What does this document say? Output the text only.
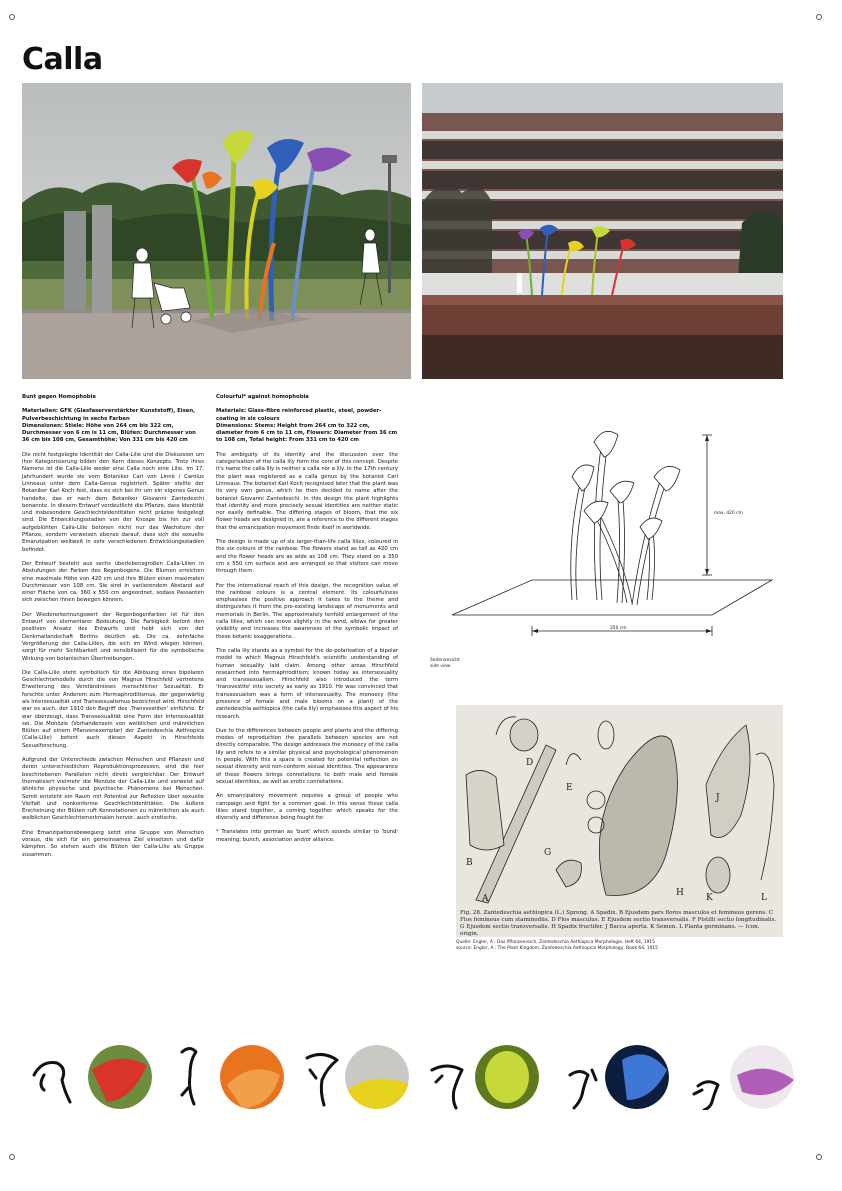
Calla
Bunt gegen Homophobie
Materialien: GFK (Glasfaserverstärkter Kunststoff), Eisen, Pulverbeschichtung in sechs Farben
Dimensionen: Stiele: Höhe von 264 cm bis 322 cm, Durchmesser von 6 cm is 11 cm, Blüten: Durchmesser von 36 cm bis 108 cm, Gesamthöhe: Von 331 cm bis 420 cm

Die nicht festgelegte Identität der Calla-Lilie und die Diskussion um ihre Kategorisierung bilden den Kern dieses Konzepts. Trotz ihres Namens ist die Calla-Lilie weder eine Calla noch eine Lilie. Im 17. Jahrhundert wurde sie vom Botaniker Carl von Linné / Carolus Linneaus unter dem Calla-Genus registriert. Später stellte der Botaniker Karl Koch fest, dass es sich bei ihr um ein eigenes Genus handelte, das er nach dem Botaniker Giovanni Zantedeschi benannte. In diesem Entwurf verdeutlicht die Pflanze, dass Identität und insbesondere Geschlechtsidentitäten nicht präzise festgelegt sind. Die Entwicklungsstadien von der Knospe bis hin zur voll aufgeblühten Calla-Lilie betonen nicht nur das Wachstum der Pflanze, sondern verweisen ebenso darauf, dass sich die sexuelle Emanzipation weltweit in sehr verschiedenen Entwicklungsstadien befindet.

Der Entwurf besteht aus sechs überlebensgroßen Calla-Lilien in Abstufungen der Farben des Regenbogens. Die Blumen erreichen eine maximale Höhe von 420 cm und ihre Blüten einen maximalen Durchmesser von 108 cm. Sie sind in variierendem Abstand auf einer Fläche von ca. 360 x 550 cm angeordnet, sodass Passanten sich zwischen ihnen bewegen können.

Der Wiedererkennungswert der Regenbogenfarben ist für den Entwurf von elementarer Bedeutung. Die Farbigkeit betont den positiven Ansatz des Entwurfs und hebt sich von der Denkmallandschaft Berlins deutlich ab. Die ca. zehnfache Vergrößerung der Calla-Lilien, die sich im Wind wiegen können, sorgt für mehr Sichtbarkeit und sensibilisiert für die symbolische Wirkung von botanischen Übertreibungen.

Die Calla-Lilie steht symbolisch für die Ablösung eines bipolaren Geschlechtsmodells durch die von Magnus Hirschfeld vertretene Erweiterung des Verständnisses menschlicher Sexualität. Er forschte unter Anderem zum Hermaphroditismus, der gegenwärtig als Intersexualität und Transsexualismus bezeichnet wird. Hirschfeld war es auch, der 1910 den Begriff des ‚Transvestiten' einführte. Er war überzeugt, dass Transsexualität eine Form der Intersexualität sei. Die Monözie (Vorhandensein von weiblichen und männlichen Blüten auf einem Pflanzenexemplar) der Zantedeschia Aethiopica (Calla-Lilie) betont auch diesen Aspekt in Hirschfelds Sexualforschung.

Aufgrund der Unterschiede zwischen Menschen und Pflanzen und deren unterschiedlichen Reproduktionsprozessen, sind die hier beschriebenen Parallelen nicht direkt vergleichbar. Der Entwurf thematisiert vielmehr die Monözie der Calla-Lilie und verweist auf ähnliche physische und psychische Phänomene bei Menschen. Somit entsteht ein Raum mit Potential zur Reflexion über sexuelle Vielfalt und nonkonforme Geschlechtidentitäten. Die äußere Erscheinung der Blüten ruft Konnotationen zu männlichen als auch weiblichen Geschlechtsmerkmalen hervor, auch erotische.

Eine Emanzipationsbewegung setzt eine Gruppe von Menschen voraus, die sich für ein gemeinsames Ziel einsetzen und dafür kämpfen. So stehen auch die Blüten der Calla-Lilie als Gruppe zusammen.

Colourful* against homophobia
Materials: Glass-fibre reinforced plastic, steel, powder-coating in six colours
Dimensions: Stems: Height from 264 cm to 322 cm, diameter from 6 cm to 11 cm, Flowers: Diameter from 36 cm to 108 cm, Total height: From 331 cm to 420 cm

The ambiguity of its identity and the discussion over the categorisation of the calla lily form the core of this concept. Despite it's name the calla lily is neither a calla nor a lily. In the 17th century the plant was registered as a calla genus by the botanist Carl Linneaus. The botanist Karl Koch recognised later that the plant was its very own genus, which he then decided to name after the botanist Giovanni Zantedeschi. In this design the plant highlights that identity and more precisely sexual identities are neither static nor easily definable. The differing stages of bloom, that the six flower heads are designed in, are a reference to the different stages that the emancipation movement finds itself in worldwide.

The design is made up of six larger-than-life calla lilies, coloured in the six colours of the rainbow. The flowers stand as tall as 420 cm and the flower heads are as wide as 108 cm. They stand on a 350 cm x 550 cm surface and are arranged so that visitors can move through them.

For the international reach of this design, the recognition value of the rainbow colours is a central element. Its colourfulness emphasises the positive approach it takes to the theme and distinguishes it from the pre-existing landscape of monuments and memorials in Berlin. The approximately tenfold enlargement of the calla lilies, which can move slightly in the wind, allows for greater visibility and increases the awareness of the symbolic impact of these botanic exaggerations.

The calla lily stands as a symbol for the de-polarisation of a bipolar model to which Magnus Hirschfeld's scientific understanding of human sexuality laid claim. Among other areas Hirschfeld researched into hermaphroditism; known today as intersexuality and transsexualism. Hirschfeld also introduced the term 'transvestite' into society as early as 1910. He was convinced that transsexualism was a form of intersexuality. The monoecy (the presence of female and male blooms on a plant) of the zantedeschia aethiopica (the calla lily) emphasises this aspect of his research.

Due to the differences between people and plants and the differing modes of reproduction the parallels between species are not directly comparable. The design addresses the monoecy of the calla lily and refers to a similar physical and psychological phenomenon in people. With this a space is created for potential reflection on sexual diversity and non-conform sexual identities. The appearance of these flowers brings connotations to both male and female sexual identities, as well as erotic connotations.

An emancipatory movement requires a group of people who campaign and fight for a common goal. In this sense these calla lilies stand together, a coming together which speaks for the diversity and difference being fought for.

* Translates into german as 'bunt' which sounds similar to 'bund' meaning; bunch, association and/or alliance.

max. 420 cm
350 cm
Seitenansicht
side view
A
B
D
E
G
H
J
K	L
Fig. 28. Zantedeschia aethiopica (L.) Spreng. A Spadix. B Ejusdem pars flores masculos et femineos gerens. C Flos femineus cum staminodiis. D Flos masculus. E Ejusdem sectio transversalis. F Pistilli sectio longitudinalis. G Ejusdem sectio transversalis. H Spadix fructifer. J Bacca aperta. K Semen. L Planta germinans. — Icon. origin.
Quelle: Engler, A.: Das Pflanzenreich, Zantedeschia Aethiopica Morphologie, Heft 64, 1915
source: Engler, A.: The Plant Kingdom, Zantedeschia Aethiopica Morphology, Book 64, 1915
